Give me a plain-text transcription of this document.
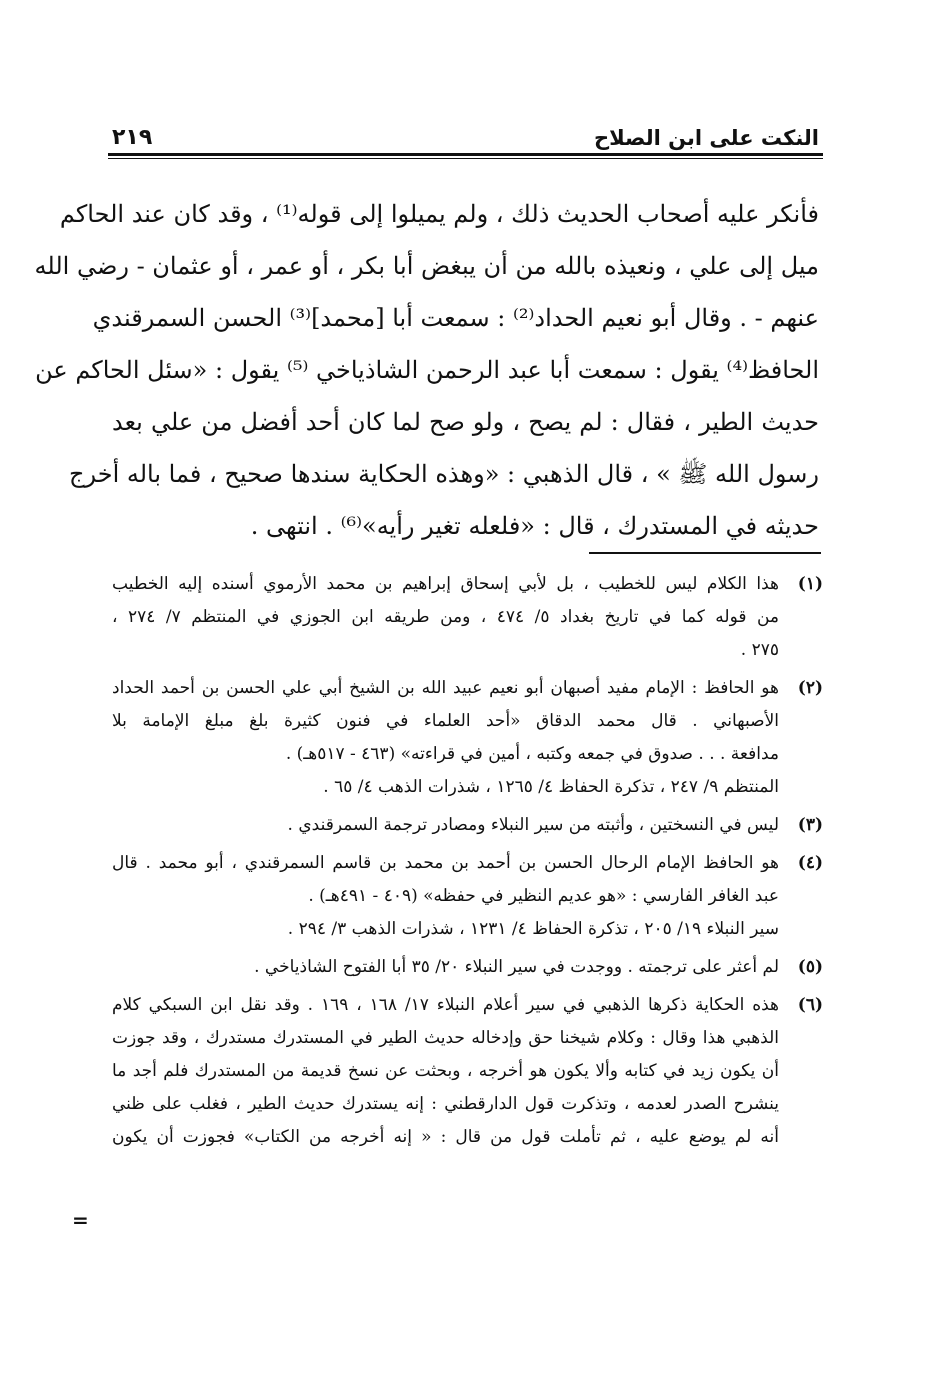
النكت على ابن الصلاح
٢١٩
فأنكر عليه أصحاب الحديث ذلك ، ولم يميلوا إلى قوله⁽¹⁾ ، وقد كان عند الحاكم
ميل إلى علي ، ونعيذه بالله من أن يبغض أبا بكر ، أو عمر ، أو عثمان - رضي الله
عنهم - . وقال أبو نعيم الحداد⁽²⁾ : سمعت أبا [محمد]⁽³⁾ الحسن السمرقندي
الحافظ⁽⁴⁾ يقول : سمعت أبا عبد الرحمن الشاذياخي ⁽⁵⁾ يقول : «سئل الحاكم عن
حديث الطير ، فقال : لم يصح ، ولو صح لما كان أحد أفضل من علي بعد
رسول الله ﷺ » ، قال الذهبي : «وهذه الحكاية سندها صحيح ، فما باله أخرج
حديثه في المستدرك ، قال : «فلعله تغير رأيه»⁽⁶⁾ . انتهى .
(١)
هذا الكلام ليس للخطيب ، بل لأبي إسحاق إبراهيم بن محمد الأرموي أسنده إليه الخطيب
من قوله كما في تاريخ بغداد ٥/ ٤٧٤ ، ومن طريقه ابن الجوزي في المنتظم ٧/ ٢٧٤ ،
٢٧٥ .
(٢)
هو الحافظ : الإمام مفيد أصبهان أبو نعيم عبيد الله بن الشيخ أبي علي الحسن بن أحمد الحداد
الأصبهاني . قال محمد الدقاق «أحد العلماء في فنون كثيرة بلغ مبلغ الإمامة بلا
مدافعة . . . صدوق في جمعه وكتبه ، أمين في قراءته» (٤٦٣ - ٥١٧هـ) .
المنتظم ٩/ ٢٤٧ ، تذكرة الحفاظ ٤/ ١٢٦٥ ، شذرات الذهب ٤/ ٦٥ .
(٣)
ليس في النسختين ، وأثبته من سير النبلاء ومصادر ترجمة السمرقندي .
(٤)
هو الحافظ الإمام الرحال الحسن بن أحمد بن محمد بن قاسم السمرقندي ، أبو محمد . قال
عبد الغافر الفارسي : «هو عديم النظير في حفظه» (٤٠٩ - ٤٩١هـ) .
سير النبلاء ١٩/ ٢٠٥ ، تذكرة الحفاظ ٤/ ١٢٣١ ، شذرات الذهب ٣/ ٢٩٤ .
(٥)
لم أعثر على ترجمته . ووجدت في سير النبلاء ٢٠/ ٣٥ أبا الفتوح الشاذياخي .
(٦)
هذه الحكاية ذكرها الذهبي في سير أعلام النبلاء ١٧/ ١٦٨ ، ١٦٩ . وقد نقل ابن السبكي كلام
الذهبي هذا وقال : وكلام شيخنا حق وإدخاله حديث الطير في المستدرك مستدرك ، وقد جوزت
أن يكون زيد في كتابه وألا يكون هو أخرجه ، وبحثت عن نسخ قديمة من المستدرك فلم أجد ما
ينشرح الصدر لعدمه ، وتذكرت قول الدارقطني : إنه يستدرك حديث الطير ، فغلب على ظني
أنه لم يوضع عليه ، ثم تأملت قول من قال : « إنه أخرجه من الكتاب» فجوزت أن يكون
=
